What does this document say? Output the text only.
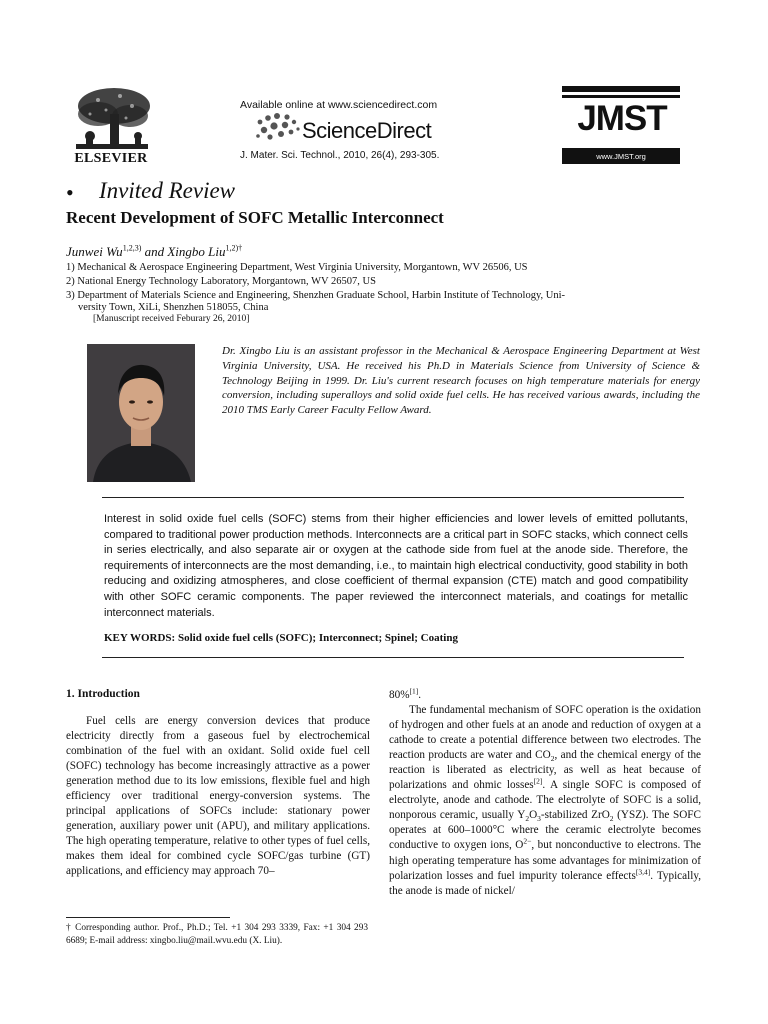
ELSEVIER
Available online at www.sciencedirect.com
ScienceDirect
J. Mater. Sci. Technol., 2010, 26(4), 293-305.
JMST
www.JMST.org
• Invited Review
Recent Development of SOFC Metallic Interconnect
Junwei Wu$^{1,2,3)}$ and Xingbo Liu$^{1,2)\dagger}$
1) Mechanical & Aerospace Engineering Department, West Virginia University, Morgantown, WV 26506, US
2) National Energy Technology Laboratory, Morgantown, WV 26507, US
3) Department of Materials Science and Engineering, Shenzhen Graduate School, Harbin Institute of Technology, Uni-
versity Town, XiLi, Shenzhen 518055, China
[Manuscript received Feburary 26, 2010]
Dr. Xingbo Liu is an assistant professor in the Mechanical & Aerospace Engineering Department at West Virginia University, USA. He received his Ph.D in Materials Science from University of Science & Technology Beijing in 1999. Dr. Liu's current research focuses on high temperature materials for energy conversion, including superalloys and solid oxide fuel cells. He has received various awards, including the 2010 TMS Early Career Faculty Fellow Award.
Interest in solid oxide fuel cells (SOFC) stems from their higher efficiencies and lower levels of emitted pollutants, compared to traditional power production methods. Interconnects are a critical part in SOFC stacks, which connect cells in series electrically, and also separate air or oxygen at the cathode side from fuel at the anode side. Therefore, the requirements of interconnects are the most demanding, i.e., to maintain high electrical conductivity, good stability in both reducing and oxidizing atmospheres, and close coefficient of thermal expansion (CTE) match and good compatibility with other SOFC ceramic components. The paper reviewed the interconnect materials, and coatings for metallic interconnect materials.
KEY WORDS: Solid oxide fuel cells (SOFC); Interconnect; Spinel; Coating
1. Introduction

Fuel cells are energy conversion devices that produce electricity directly from a gaseous fuel by electrochemical combination of the fuel with an oxidant. Solid oxide fuel cell (SOFC) technology has become increasingly attractive as a power generation method due to its low emissions, flexible fuel and high efficiency over traditional energy-conversion systems. The principal applications of SOFCs include: stationary power generation, auxiliary power unit (APU), and military applications. The high operating temperature, relative to other types of fuel cells, makes them ideal for combined cycle SOFC/gas turbine (GT) applications, and efficiency may approach 70–

80%[1].

The fundamental mechanism of SOFC operation is the oxidation of hydrogen and other fuels at an anode and reduction of oxygen at a cathode to create a potential difference between two electrodes. The reaction products are water and $CO_2$, and the chemical energy of the reaction is liberated as electricity, as well as heat because of polarizations and ohmic losses[2]. A single SOFC is composed of electrolyte, anode and cathode. The electrolyte of SOFC is a solid, nonporous ceramic, usually $Y_2O_3$-stabilized ZrO$_2$ (YSZ). The SOFC operates at 600–1000°C where the ceramic electrolyte becomes conductive to oxygen ions, $O^{2-}$, but nonconductive to electrons. The high operating temperature has some advantages for minimization of polarization losses and fuel impurity tolerance effects[3,4]. Typically, the anode is made of nickel/

† Corresponding author. Prof., Ph.D.; Tel. +1 304 293 3339, Fax: +1 304 293 6689; E-mail address: xingbo.liu@mail.wvu.edu (X. Liu).
